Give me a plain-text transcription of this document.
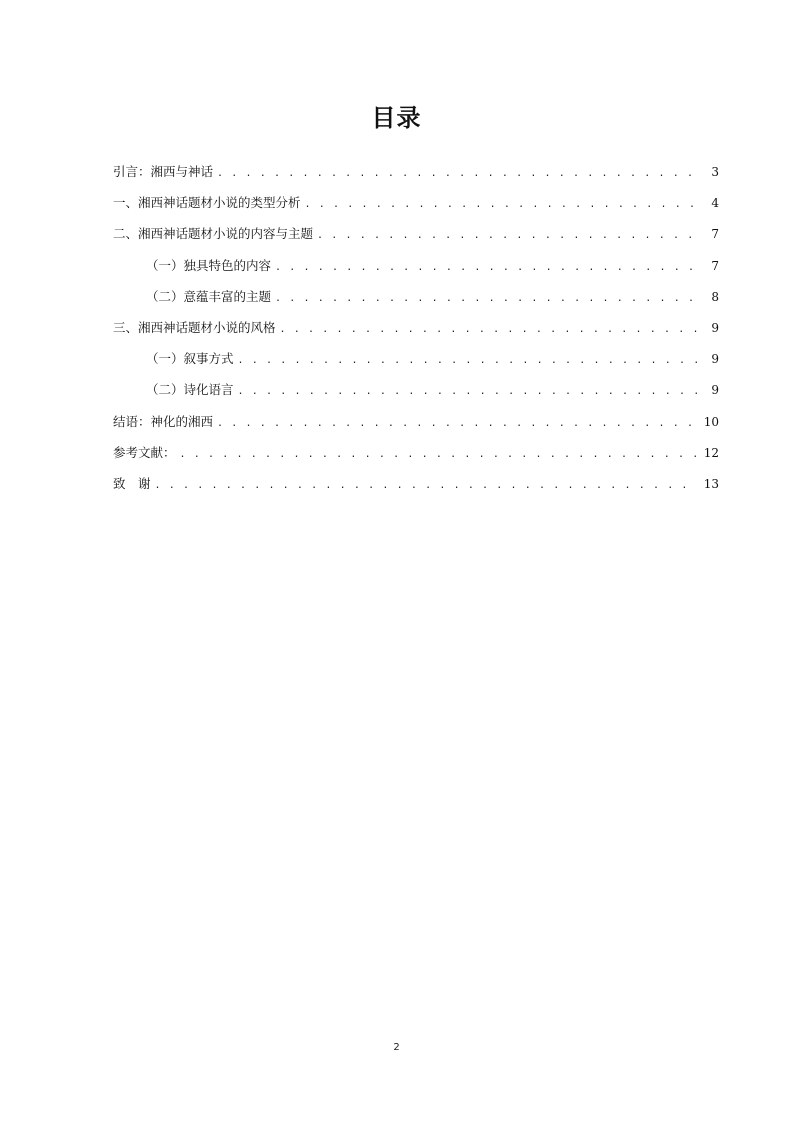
目录
引言：湘西与神话 . . .	3
一、湘西神话题材小说的类型分析 . . .	4
二、湘西神话题材小说的内容与主题 . . .	7
（一）独具特色的内容 . . .	7
（二）意蕴丰富的主题 . . .	8
三、湘西神话题材小说的风格 . . .	9
（一）叙事方式 . . .	9
（二）诗化语言 . . .	9
结语：神化的湘西 . . .	10
参考文献： . . .	12
致　谢 . . .	13
2
